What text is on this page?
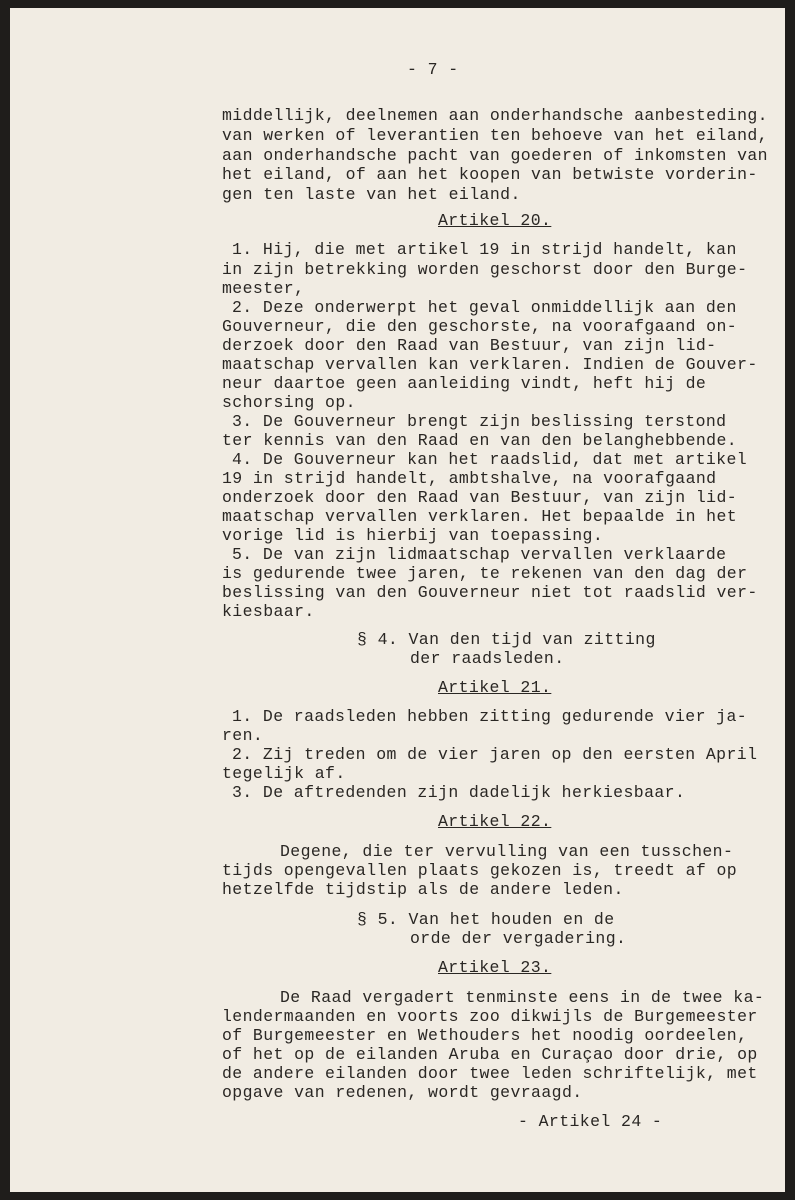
- 7 -
middellijk, deelnemen aan onderhandsche aanbesteding.
van werken of leverantien ten behoeve van het eiland,
aan onderhandsche pacht van goederen of inkomsten van
het eiland, of aan het koopen van betwiste vorderin-
gen ten laste van het eiland.
Artikel 20.
1. Hij, die met artikel 19 in strijd handelt, kan
in zijn betrekking worden geschorst door den Burge-
meester,
2. Deze onderwerpt het geval onmiddellijk aan den
Gouverneur, die den geschorste, na voorafgaand on-
derzoek door den Raad van Bestuur, van zijn lid-
maatschap vervallen kan verklaren. Indien de Gouver-
neur daartoe geen aanleiding vindt, heft hij de
schorsing op.
3. De Gouverneur brengt zijn beslissing terstond
ter kennis van den Raad en van den belanghebbende.
4. De Gouverneur kan het raadslid, dat met artikel
19 in strijd handelt, ambtshalve, na voorafgaand
onderzoek door den Raad van Bestuur, van zijn lid-
maatschap vervallen verklaren. Het bepaalde in het
vorige lid is hierbij van toepassing.
5. De van zijn lidmaatschap vervallen verklaarde
is gedurende twee jaren, te rekenen van den dag der
beslissing van den Gouverneur niet tot raadslid ver-
kiesbaar.
§ 4. Van den tijd van zitting
der raadsleden.
Artikel 21.
1. De raadsleden hebben zitting gedurende vier ja-
ren.
2. Zij treden om de vier jaren op den eersten April
tegelijk af.
3. De aftredenden zijn dadelijk herkiesbaar.
Artikel 22.
Degene, die ter vervulling van een tusschen-
tijds opengevallen plaats gekozen is, treedt af op
hetzelfde tijdstip als de andere leden.
§ 5. Van het houden en de
orde der vergadering.
Artikel 23.
De Raad vergadert tenminste eens in de twee ka-
lendermaanden en voorts zoo dikwijls de Burgemeester
of Burgemeester en Wethouders het noodig oordeelen,
of het op de eilanden Aruba en Curaçao door drie, op
de andere eilanden door twee leden schriftelijk, met
opgave van redenen, wordt gevraagd.
- Artikel 24 -
